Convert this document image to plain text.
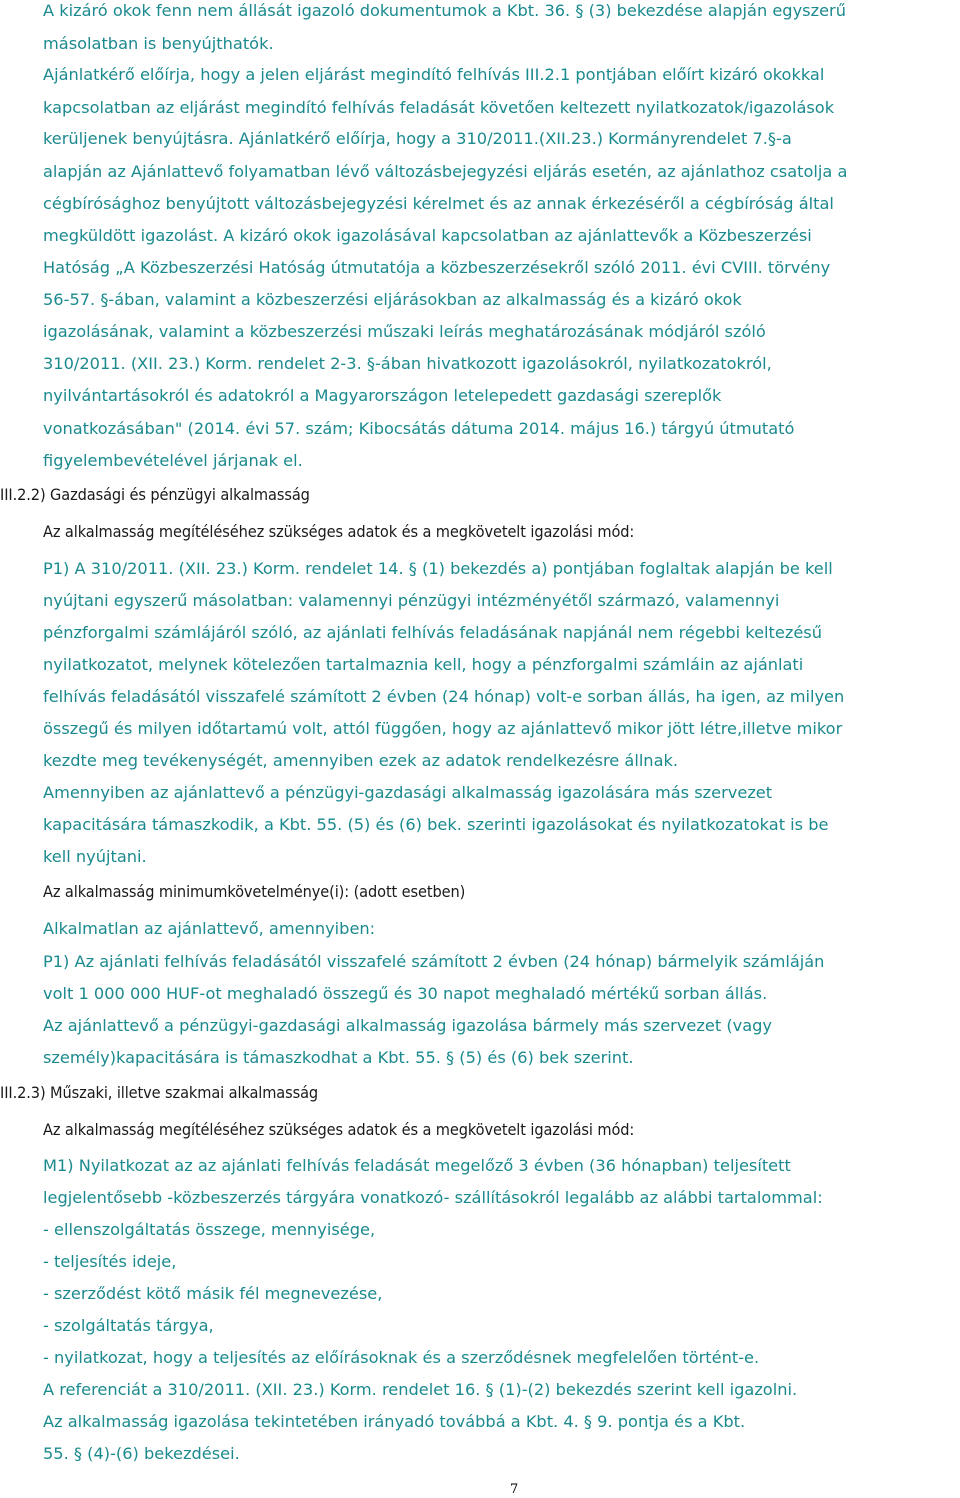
A kizáró okok fenn nem állását igazoló dokumentumok a Kbt. 36. § (3) bekezdése alapján egyszerű
másolatban is benyújthatók.
Ajánlatkérő előírja, hogy a jelen eljárást megindító felhívás III.2.1 pontjában előírt kizáró okokkal
kapcsolatban az eljárást megindító felhívás feladását követően keltezett nyilatkozatok/igazolások
kerüljenek benyújtásra. Ajánlatkérő előírja, hogy a 310/2011.(XII.23.) Kormányrendelet 7.§-a
alapján az Ajánlattevő folyamatban lévő változásbejegyzési eljárás esetén, az ajánlathoz csatolja a
cégbírósághoz benyújtott változásbejegyzési kérelmet és az annak érkezéséről a cégbíróság által
megküldött igazolást. A kizáró okok igazolásával kapcsolatban az ajánlattevők a Közbeszerzési
Hatóság „A Közbeszerzési Hatóság útmutatója a közbeszerzésekről szóló 2011. évi CVIII. törvény
56-57. §-ában, valamint a közbeszerzési eljárásokban az alkalmasság és a kizáró okok
igazolásának, valamint a közbeszerzési műszaki leírás meghatározásának módjáról szóló
310/2011. (XII. 23.) Korm. rendelet 2-3. §-ában hivatkozott igazolásokról, nyilatkozatokról,
nyilvántartásokról és adatokról a Magyarországon letelepedett gazdasági szereplők
vonatkozásában" (2014. évi 57. szám; Kibocsátás dátuma 2014. május 16.) tárgyú útmutató
figyelembevételével járjanak el.
III.2.2) Gazdasági és pénzügyi alkalmasság
Az alkalmasság megítéléséhez szükséges adatok és a megkövetelt igazolási mód:
P1) A 310/2011. (XII. 23.) Korm. rendelet 14. § (1) bekezdés a) pontjában foglaltak alapján be kell
nyújtani egyszerű másolatban: valamennyi pénzügyi intézményétől származó, valamennyi
pénzforgalmi számlájáról szóló, az ajánlati felhívás feladásának napjánál nem régebbi keltezésű
nyilatkozatot, melynek kötelezően tartalmaznia kell, hogy a pénzforgalmi számláin az ajánlati
felhívás feladásától visszafelé számított 2 évben (24 hónap) volt-e sorban állás, ha igen, az milyen
összegű és milyen időtartamú volt, attól függően, hogy az ajánlattevő mikor jött létre,illetve mikor
kezdte meg tevékenységét, amennyiben ezek az adatok rendelkezésre állnak.
Amennyiben az ajánlattevő a pénzügyi-gazdasági alkalmasság igazolására más szervezet
kapacitására támaszkodik, a Kbt. 55. (5) és (6) bek. szerinti igazolásokat és nyilatkozatokat is be
kell nyújtani.
Az alkalmasság minimumkövetelménye(i): (adott esetben)
Alkalmatlan az ajánlattevő, amennyiben:
P1) Az ajánlati felhívás feladásától visszafelé számított 2 évben (24 hónap) bármelyik számláján
volt 1 000 000 HUF-ot meghaladó összegű és 30 napot meghaladó mértékű sorban állás.
Az ajánlattevő a pénzügyi-gazdasági alkalmasság igazolása bármely más szervezet (vagy
személy)kapacitására is támaszkodhat a Kbt. 55. § (5) és (6) bek szerint.
III.2.3) Műszaki, illetve szakmai alkalmasság
Az alkalmasság megítéléséhez szükséges adatok és a megkövetelt igazolási mód:
M1) Nyilatkozat az az ajánlati felhívás feladását megelőző 3 évben (36 hónapban) teljesített
legjelentősebb -közbeszerzés tárgyára vonatkozó- szállításokról legalább az alábbi tartalommal:
- ellenszolgáltatás összege, mennyisége,
- teljesítés ideje,
- szerződést kötő másik fél megnevezése,
- szolgáltatás tárgya,
- nyilatkozat, hogy a teljesítés az előírásoknak és a szerződésnek megfelelően történt-e.
A referenciát a 310/2011. (XII. 23.) Korm. rendelet 16. § (1)-(2) bekezdés szerint kell igazolni.
Az alkalmasság igazolása tekintetében irányadó továbbá a Kbt. 4. § 9. pontja és a Kbt.
55. § (4)-(6) bekezdései.
7
